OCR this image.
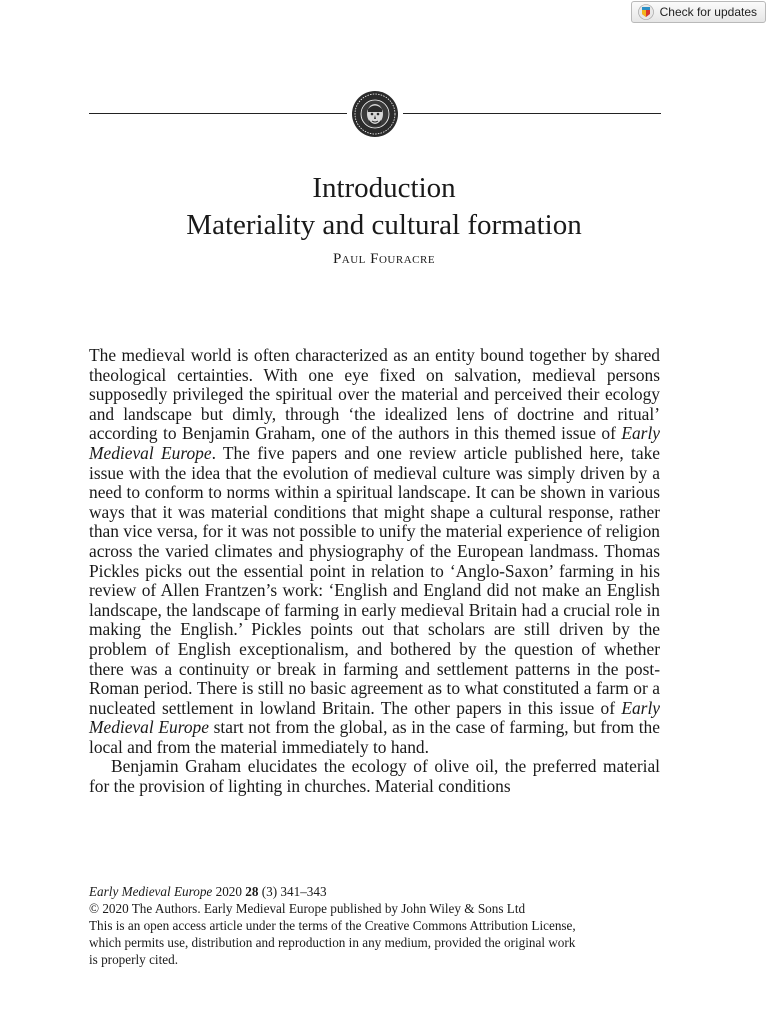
Check for updates
Introduction
Materiality and cultural formation
Paul Fouracre

The medieval world is often characterized as an entity bound together by shared theological certainties. With one eye fixed on salvation, medieval persons supposedly privileged the spiritual over the material and perceived their ecology and landscape but dimly, through ‘the idealized lens of doctrine and ritual’ according to Benjamin Graham, one of the authors in this themed issue of Early Medieval Europe. The five papers and one review article published here, take issue with the idea that the evolution of medieval culture was simply driven by a need to conform to norms within a spiritual landscape. It can be shown in various ways that it was material conditions that might shape a cultural response, rather than vice versa, for it was not possible to unify the material experience of religion across the varied climates and physiography of the European landmass. Thomas Pickles picks out the essential point in relation to ‘Anglo-Saxon’ farming in his review of Allen Frantzen’s work: ‘English and England did not make an English landscape, the landscape of farming in early medieval Britain had a crucial role in making the English.’ Pickles points out that scholars are still driven by the problem of English exceptionalism, and bothered by the question of whether there was a continuity or break in farming and settlement patterns in the post-Roman period. There is still no basic agreement as to what constituted a farm or a nucleated settlement in lowland Britain. The other papers in this issue of Early Medieval Europe start not from the global, as in the case of farming, but from the local and from the material immediately to hand.

Benjamin Graham elucidates the ecology of olive oil, the preferred material for the provision of lighting in churches. Material conditions

Early Medieval Europe 2020 28 (3) 341–343
© 2020 The Authors. Early Medieval Europe published by John Wiley & Sons Ltd
This is an open access article under the terms of the Creative Commons Attribution License,
which permits use, distribution and reproduction in any medium, provided the original work
is properly cited.
